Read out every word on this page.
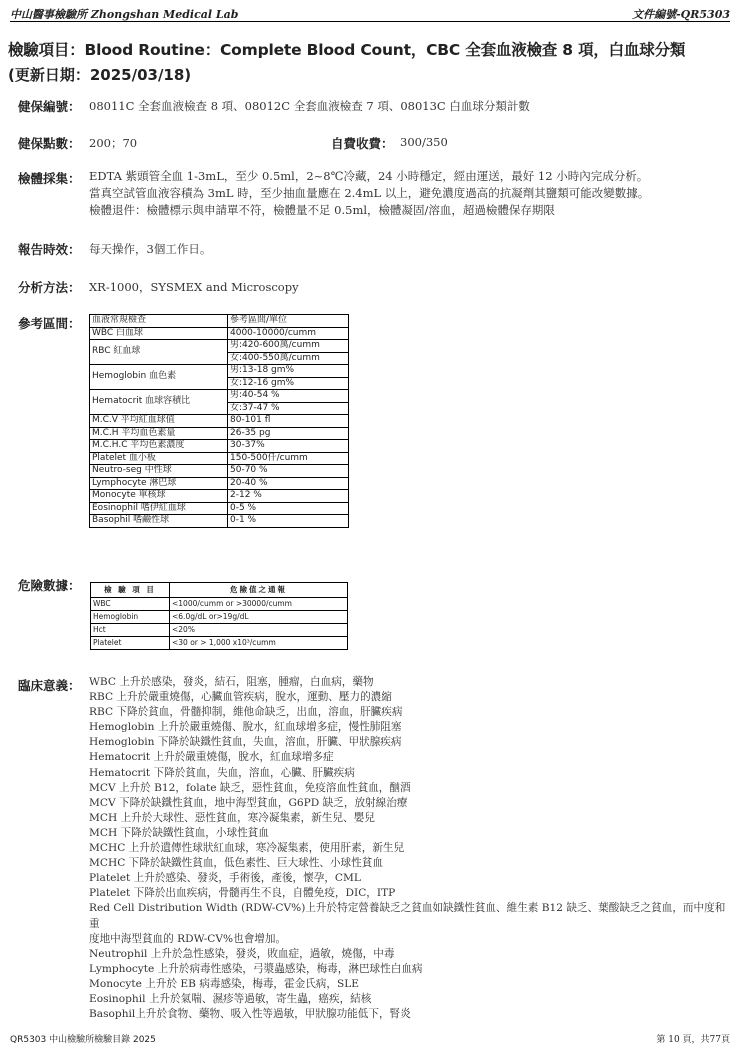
中山醫事檢驗所 Zhongshan Medical Lab	文件編號-QR5303
檢驗項目：Blood Routine：Complete Blood Count，CBC 全套血液檢查 8 項，白血球分類
(更新日期：2025/03/18)
健保編號： 08011C 全套血液檢查 8 項、08012C 全套血液檢查 7 項、08013C 白血球分類計數
健保點數： 200；70	自費收費： 300/350
檢體採集： EDTA 紫頭管全血 1-3mL，至少 0.5ml，2~8℃冷藏，24 小時穩定，經由運送，最好 12 小時內完成分析。
當真空試管血液容積為 3mL 時，至少抽血量應在 2.4mL 以上，避免濃度過高的抗凝劑其鹽類可能改變數據。
檢體退件：檢體標示與申請單不符，檢體量不足 0.5ml，檢體凝固/溶血，超過檢體保存期限
報告時效： 每天操作，3個工作日。
分析方法： XR-1000，SYSMEX and Microscopy
參考區間： 血液常規檢查	參考區間/單位
WBC 白血球	4000-10000/cumm
RBC 紅血球	男:420-600萬/cumm
	女:400-550萬/cumm
Hemoglobin 血色素	男:13-18 gm%
	女:12-16 gm%
Hematocrit 血球容積比	男:40-54 %
	女:37-47 %
M.C.V 平均紅血球值	80-101 fl
M.C.H 平均血色素量	26-35 pg
M.C.H.C 平均色素濃度	30-37%
Platelet 血小板	150-500仟/cumm
Neutro-seg 中性球	50-70 %
Lymphocyte 淋巴球	20-40 %
Monocyte 單核球	2-12 %
Eosinophil 嗜伊紅血球	0-5 %
Basophil 嗜鹼性球	0-1 %
危險數據：	檢 驗 項 目	危險值之通報
WBC	<1000/cumm or >30000/cumm
Hemoglobin	<6.0g/dL or>19g/dL
Hct	<20%
Platelet	<30 or > 1,000 x10³/cumm
臨床意義： WBC 上升於感染，發炎，結石，阻塞，腫瘤，白血病，藥物
RBC 上升於嚴重燒傷，心臟血管疾病，脫水，運動、壓力的濃縮
RBC 下降於貧血，骨髓抑制，維他命缺乏，出血，溶血，肝臟疾病
Hemoglobin 上升於嚴重燒傷、脫水，紅血球增多症，慢性肺阻塞
Hemoglobin 下降於缺鐵性貧血，失血，溶血，肝臟、甲狀腺疾病
Hematocrit 上升於嚴重燒傷，脫水，紅血球增多症
Hematocrit 下降於貧血，失血，溶血，心臟、肝臟疾病
MCV 上升於 B12，folate 缺乏，惡性貧血，免疫溶血性貧血，酗酒
MCV 下降於缺鐵性貧血，地中海型貧血，G6PD 缺乏，放射線治療
MCH 上升於大球性、惡性貧血，寒冷凝集素，新生兒、嬰兒
MCH 下降於缺鐵性貧血，小球性貧血
MCHC 上升於遺傳性球狀紅血球，寒冷凝集素，使用肝素，新生兒
MCHC 下降於缺鐵性貧血，低色素性、巨大球性、小球性貧血
Platelet 上升於感染、發炎，手術後，產後，懷孕，CML
Platelet 下降於出血疾病，骨髓再生不良，自體免疫，DIC，ITP
Red Cell Distribution Width (RDW-CV%)上升於特定營養缺乏之貧血如缺鐵性貧血、維生素 B12 缺乏、葉酸缺乏之貧血，而中度和重
度地中海型貧血的 RDW-CV%也會增加。
Neutrophil 上升於急性感染，發炎，敗血症，過敏，燒傷，中毒
Lymphocyte 上升於病毒性感染，弓漿蟲感染，梅毒，淋巴球性白血病
Monocyte 上升於 EB 病毒感染，梅毒，霍金氏病，SLE
Eosinophil 上升於氣喘、濕疹等過敏，寄生蟲，癌疾，結核
Basophil上升於食物、藥物、吸入性等過敏，甲狀腺功能低下，腎炎
QR5303 中山檢驗所檢驗目錄 2025	第 10 頁，共77頁
